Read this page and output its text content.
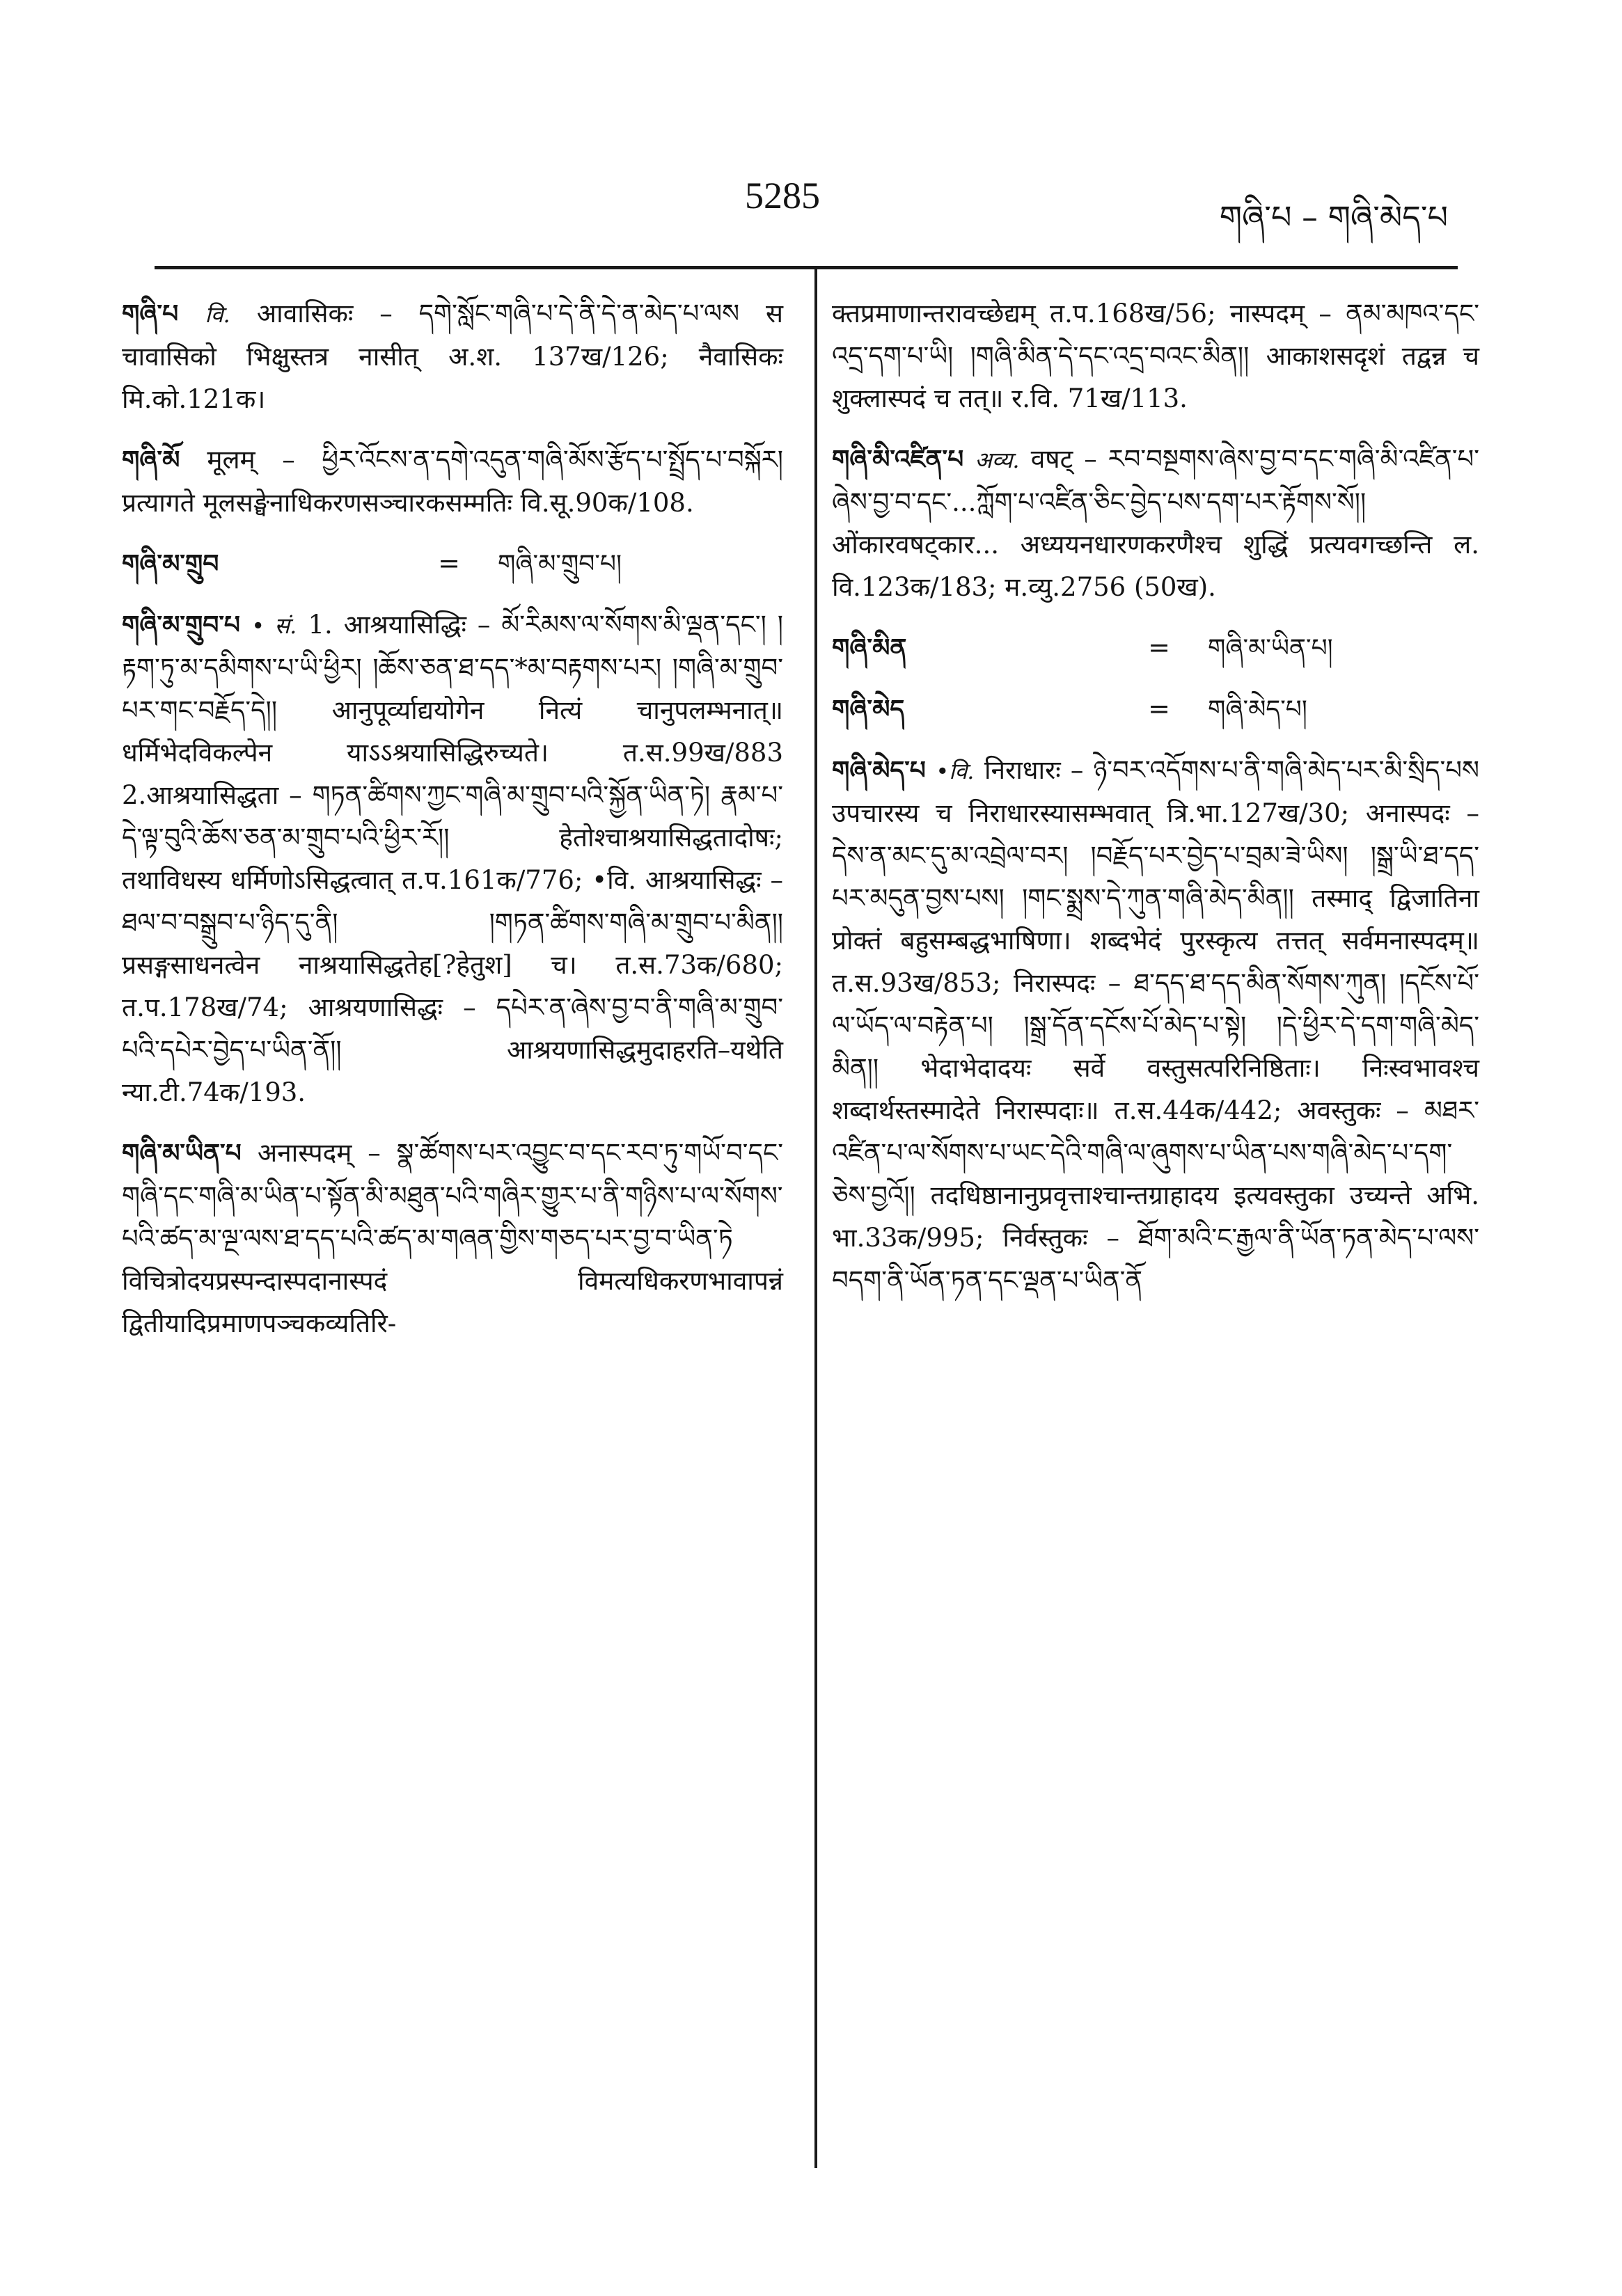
5285
གཞི་པ – གཞི་མེད་པ

གཞི་པ वि. आवासिकः – དགེ་སློང་གཞི་པ་དེ་ནི་དེ་ན་མེད་པ་ལས स चावासिको भिक्षुस्तत्र नासीत् अ.श. 137ख/126; नैवासिकः मि.को.121क।

གཞི་མོ मूलम् – ཕྱིར་འོངས་ན་དགེ་འདུན་གཞི་མོས་རྩོད་པ་སྤྲོད་པ་བསྐོར། प्रत्यागते मूलसङ्घेनाधिकरणसञ्चारकसम्मतिः वि.सू.90क/108.

གཞི་མ་གྲུབ	=	གཞི་མ་གྲུབ་པ།

གཞི་མ་གྲུབ་པ • सं. 1. आश्रयासिद्धिः – མོ་རིམས་ལ་སོགས་མི་ལྡན་དང་། །རྟག་ཏུ་མ་དམིགས་པ་ཡི་ཕྱིར། །ཆོས་ཅན་ཐ་དད་*མ་བརྟགས་པར། །གཞི་མ་གྲུབ་པར་གང་བརྗོད་དེ།། आनुपूर्व्याद्ययोगेन नित्यं चानुपलम्भनात्॥ धर्मिभेदविकल्पेन याऽऽश्रयासिद्धिरुच्यते। त.स.99ख/883 2.आश्रयासिद्धता – གཏན་ཚིགས་ཀྱང་གཞི་མ་གྲུབ་པའི་སྐྱོན་ཡིན་ཏེ། རྣམ་པ་དེ་ལྟ་བུའི་ཆོས་ཅན་མ་གྲུབ་པའི་ཕྱིར་རོ།། हेतोश्चाश्रयासिद्धतादोषः; तथाविधस्य धर्मिणोऽसिद्धत्वात् त.प.161क/776; •वि. आश्रयासिद्धः – ཐལ་བ་བསྒྲུབ་པ་ཉིད་དུ་ནི། །གཏན་ཚིགས་གཞི་མ་གྲུབ་པ་མིན།། प्रसङ्गसाधनत्वेन नाश्रयासिद्धतेह[?हेतुश] च। त.स.73क/680; त.प.178ख/74; आश्रयणासिद्धः – དཔེར་ན་ཞེས་བྱ་བ་ནི་གཞི་མ་གྲུབ་པའི་དཔེར་བྱེད་པ་ཡིན་ནོ།། आश्रयणासिद्धमुदाहरति–यथेति न्या.टी.74क/193.

གཞི་མ་ཡིན་པ अनास्पदम् – སྣ་ཚོགས་པར་འབྱུང་བ་དང་རབ་ཏུ་གཡོ་བ་དང་གཞི་དང་གཞི་མ་ཡིན་པ་སྟོན་མི་མཐུན་པའི་གཞིར་གྱུར་པ་ནི་གཉིས་པ་ལ་སོགས་པའི་ཚད་མ་ལྔ་ལས་ཐ་དད་པའི་ཚད་མ་གཞན་གྱིས་གཅད་པར་བྱ་བ་ཡིན་ཏེ विचित्रोदयप्रस्पन्दास्पदानास्पदं विमत्यधिकरणभावापन्नं द्वितीयादिप्रमाणपञ्चकव्यतिरि-

क्तप्रमाणान्तरावच्छेद्यम् त.प.168ख/56; नास्पदम् – ནམ་མཁའ་དང་འདྲ་དག་པ་ཡི། །གཞི་མིན་དེ་དང་འདྲ་བའང་མིན།། आकाशसदृशं तद्वन्न च शुक्लास्पदं च तत्॥ र.वि. 71ख/113.

གཞི་མི་འཛིན་པ अव्य. वषट् – རབ་བསྔགས་ཞེས་བྱ་བ་དང་གཞི་མི་འཛིན་པ་ཞེས་བྱ་བ་དང་...ཀློག་པ་འཛིན་ཅིང་བྱེད་པས་དག་པར་རྟོགས་སོ།། ओंकारवषट्कार... अध्ययनधारणकरणैश्च शुद्धिं प्रत्यवगच्छन्ति ल. वि.123क/183; म.व्यु.2756 (50ख).

གཞི་མིན	=	གཞི་མ་ཡིན་པ།
གཞི་མེད	=	གཞི་མེད་པ།

གཞི་མེད་པ •वि. निराधारः – ཉེ་བར་འདོགས་པ་ནི་གཞི་མེད་པར་མི་སྲིད་པས उपचारस्य च निराधारस्यासम्भवात् त्रि.भा.127ख/30; अनास्पदः – དེས་ན་མང་དུ་མ་འབྲེལ་བར། །བརྗོད་པར་བྱེད་པ་བྲམ་ཟེ་ཡིས། །སྒྲ་ཡི་ཐ་དད་པར་མདུན་བྱས་པས། །གང་སྨྲས་དེ་ཀུན་གཞི་མེད་མིན།། तस्माद् द्विजातिना प्रोक्तं बहुसम्बद्धभाषिणा। शब्दभेदं पुरस्कृत्य तत्तत् सर्वमनास्पदम्॥ त.स.93ख/853; निरास्पदः – ཐ་དད་ཐ་དད་མིན་སོགས་ཀུན། །དངོས་པོ་ལ་ཡོད་ལ་བརྟེན་པ། །སྒྲ་དོན་དངོས་པོ་མེད་པ་སྟེ། །དེ་ཕྱིར་དེ་དག་གཞི་མེད་མིན།། भेदाभेदादयः सर्वे वस्तुसत्परिनिष्ठिताः। निःस्वभावश्च शब्दार्थस्तस्मादेते निरास्पदाः॥ त.स.44क/442; अवस्तुकः – མཐར་འཛིན་པ་ལ་སོགས་པ་ཡང་དེའི་གཞི་ལ་ཞུགས་པ་ཡིན་པས་གཞི་མེད་པ་དག་ཅེས་བྱའོ།། तदधिष्ठानानुप्रवृत्ताश्चान्तग्राहादय इत्यवस्तुका उच्यन्ते अभि. भा.33क/995; निर्वस्तुकः – ཐོག་མའི་ང་རྒྱལ་ནི་ཡོན་ཏན་མེད་པ་ལས་བདག་ནི་ཡོན་ཏན་དང་ལྡན་པ་ཡིན་ནོ
